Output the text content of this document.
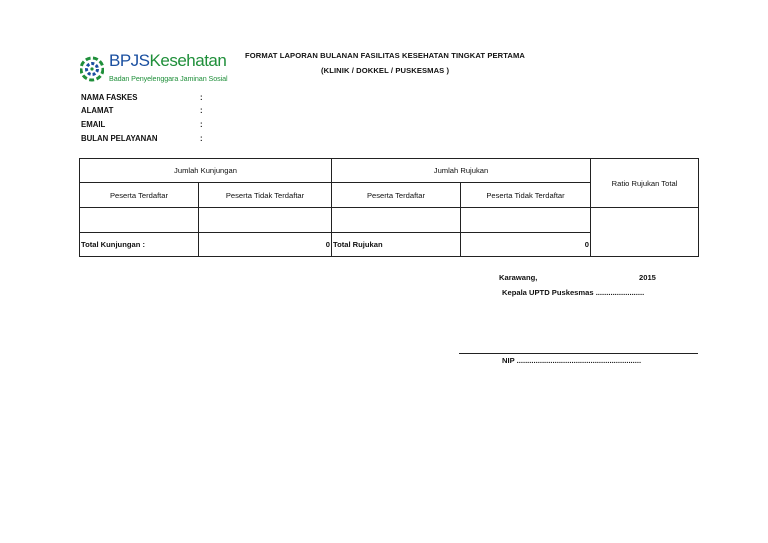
BPJSKesehatan
Badan Penyelenggara Jaminan Sosial
FORMAT LAPORAN BULANAN FASILITAS KESEHATAN TINGKAT PERTAMA
(KLINIK / DOKKEL / PUSKESMAS )
NAMA FASKES	:
ALAMAT	:
EMAIL	:
BULAN PELAYANAN	:
Jumlah Kunjungan		Jumlah Rujukan		Ratio Rujukan Total
Peserta Terdaftar	Peserta Tidak Terdaftar	Peserta Terdaftar	Peserta Tidak Terdaftar	

Total Kunjungan :	0	Total Rujukan	0	
Karawang,	2015
Kepala UPTD Puskesmas .......................
NIP ...........................................................
